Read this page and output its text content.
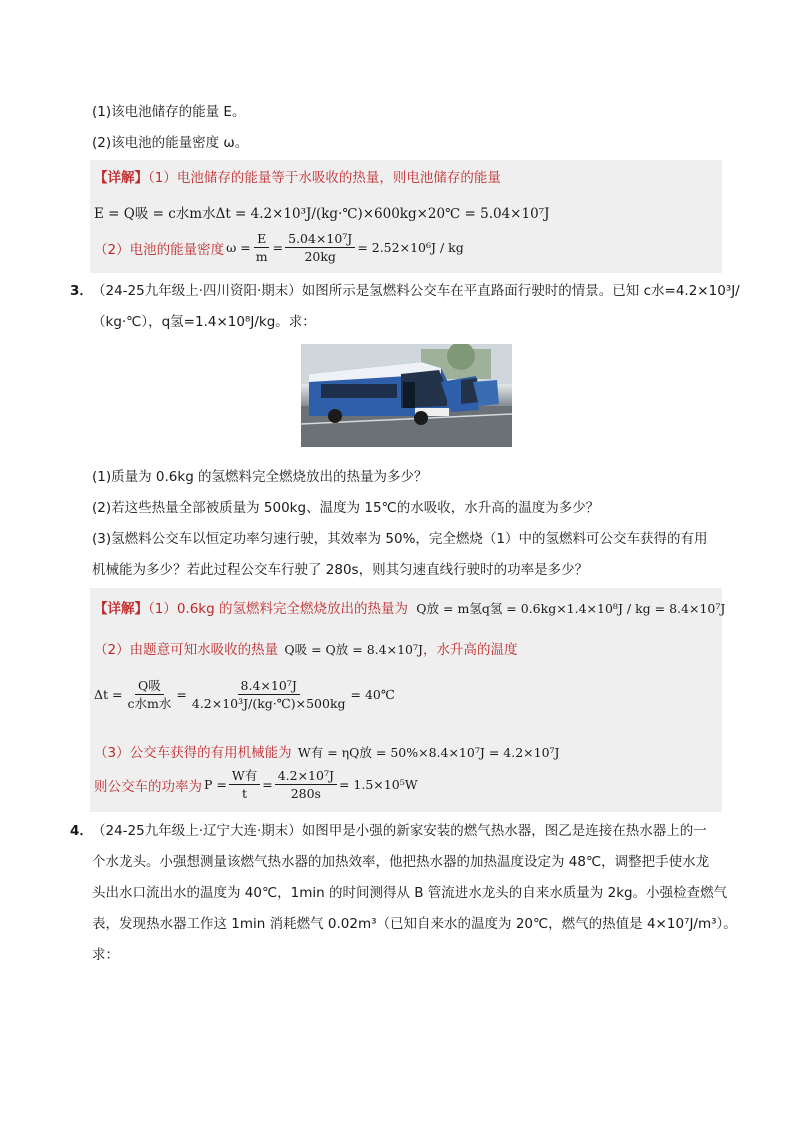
(1)该电池储存的能量 E。
(2)该电池的能量密度 ω。
【详解】（1）电池储存的能量等于水吸收的热量，则电池储存的能量
E = Q吸 = c水m水Δt = 4.2×10³J/(kg·℃)×600kg×20℃ = 5.04×10⁷J
（2）电池的能量密度 $\omega = \frac{E}{m} = \frac{\text{5.04×10⁷J}}{20kg} = 2.52\times 10^6J$ / kg
3． （24-25九年级上·四川资阳·期末）如图所示是氢燃料公交车在平直路面行驶时的情景。已知 c水=4.2×10³J/
（kg·℃），q氢=1.4×10⁸J/kg。求：
(1)质量为 0.6kg 的氢燃料完全燃烧放出的热量为多少？
(2)若这些热量全部被质量为 500kg、温度为 15℃的水吸收，水升高的温度为多少？
(3)氢燃料公交车以恒定功率匀速行驶，其效率为 50%，完全燃烧（1）中的氢燃料可公交车获得的有用
机械能为多少？若此过程公交车行驶了 280s，则其匀速直线行驶时的功率是多少？
【详解】（1）0.6kg 的氢燃料完全燃烧放出的热量为 Q放 = m氢q氢 = 0.6kg×1.4×10⁸J / kg = 8.4×10⁷J
（2）由题意可知水吸收的热量 Q吸 = Q放 = 8.4×10⁷J，水升高的温度
$\Delta t = \frac{\text{Q吸}}{\text{c水m水}} = \frac{\text{8.4×10⁷J}}{\text{4.2×10³J/(kg·℃)×500kg}}$ = 40℃
（3）公交车获得的有用机械能为 W有 = ηQ放 = 50%×8.4×10⁷J = 4.2×10⁷J
则公交车的功率为 $P = \frac{\text{W有}}{t} = \frac{\text{4.2×10⁷J}}{280s} = 1.5\times 10^5W$
4． （24-25九年级上·辽宁大连·期末）如图甲是小强的新家安装的燃气热水器，图乙是连接在热水器上的一
个水龙头。小强想测量该燃气热水器的加热效率，他把热水器的加热温度设定为 48℃，调整把手使水龙
头出水口流出水的温度为 40℃，1min 的时间测得从 B 管流进水龙头的自来水质量为 2kg。小强检查燃气
表，发现热水器工作这 1min 消耗燃气 0.02m³（已知自来水的温度为 20℃，燃气的热值是 4×10⁷J/m³）。
求：
